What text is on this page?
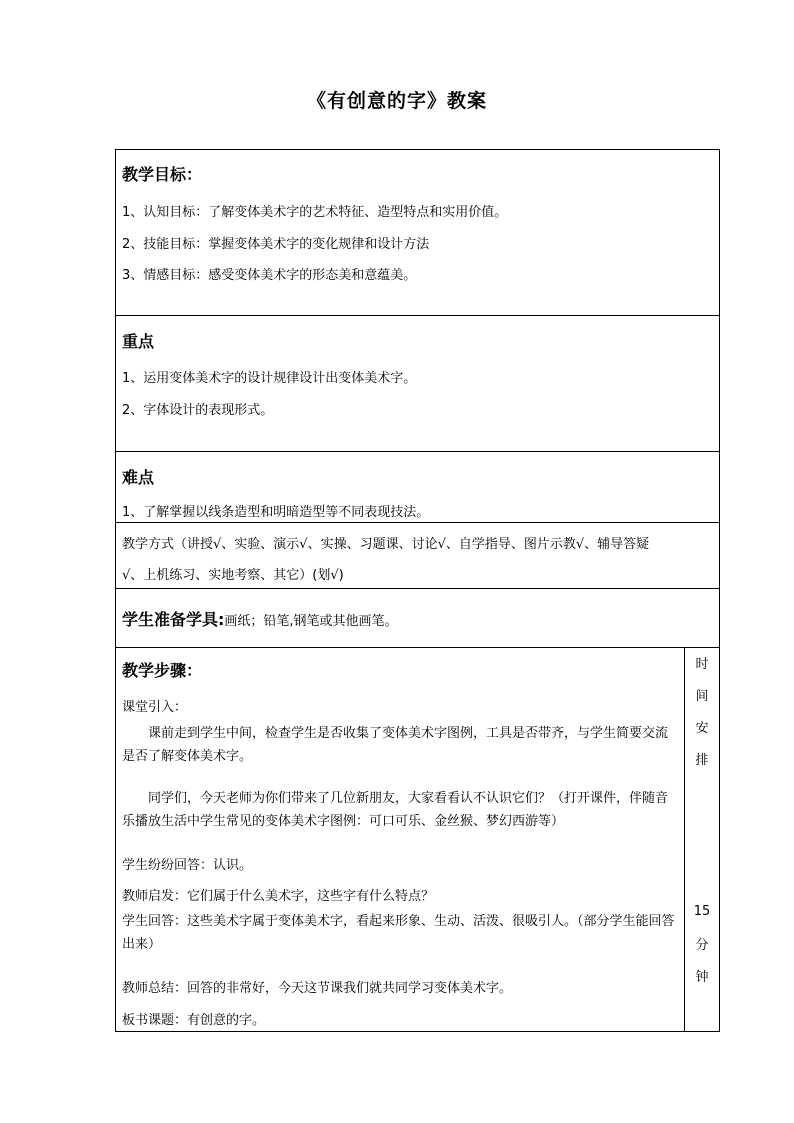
《有创意的字》教案
教学目标：
1、认知目标：了解变体美术字的艺术特征、造型特点和实用价值。
2、技能目标：掌握变体美术字的变化规律和设计方法
3、情感目标：感受变体美术字的形态美和意蕴美。
重点
1、运用变体美术字的设计规律设计出变体美术字。
2、字体设计的表现形式。
难点
1、了解掌握以线条造型和明暗造型等不同表现技法。
教学方式（讲授√、实验、演示√、实操、习题课、讨论√、自学指导、图片示教√、辅导答疑
√、上机练习、实地考察、其它）(划√)
学生准备学具:画纸；铅笔,钢笔或其他画笔。
教学步骤：
课堂引入：
课前走到学生中间，检查学生是否收集了变体美术字图例，工具是否带齐，与学生简要交流是否了解变体美术字。
同学们，今天老师为你们带来了几位新朋友，大家看看认不认识它们？（打开课件，伴随音乐播放生活中学生常见的变体美术字图例：可口可乐、金丝猴、梦幻西游等）
学生纷纷回答：认识。
教师启发：它们属于什么美术字，这些字有什么特点？
学生回答：这些美术字属于变体美术字，看起来形象、生动、活泼、很吸引人。（部分学生能回答出来）
教师总结：回答的非常好，今天这节课我们就共同学习变体美术字。
板书课题：有创意的字。
时
间
安
排
15
分
钟
